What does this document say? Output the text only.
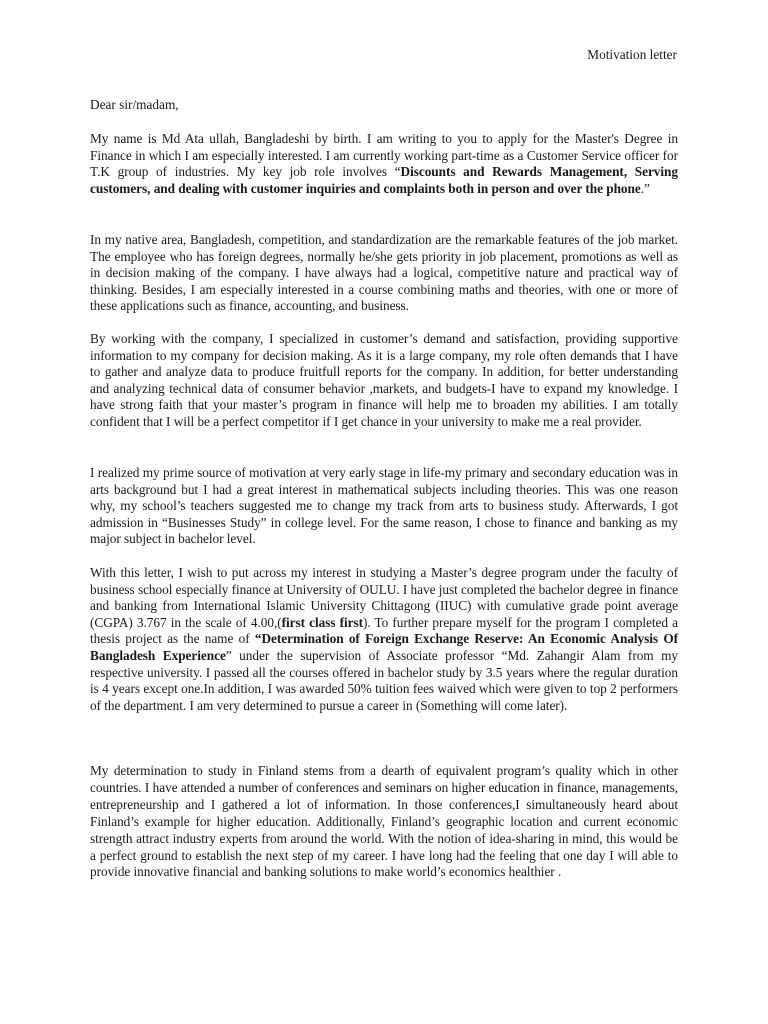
Motivation letter
Dear sir/madam,

My name is Md Ata ullah, Bangladeshi by birth. I am writing to you to apply for the Master's Degree in Finance in which I am especially interested. I am currently working part-time as a Customer Service officer for T.K group of industries. My key job role involves “Discounts and Rewards Management, Serving customers, and dealing with customer inquiries and complaints both in person and over the phone.”

In my native area, Bangladesh, competition, and standardization are the remarkable features of the job market. The employee who has foreign degrees, normally he/she gets priority in job placement, promotions as well as in decision making of the company. I have always had a logical, competitive nature and practical way of thinking. Besides, I am especially interested in a course combining maths and theories, with one or more of these applications such as finance, accounting, and business.

By working with the company, I specialized in customer’s demand and satisfaction, providing supportive information to my company for decision making. As it is a large company, my role often demands that I have to gather and analyze data to produce fruitfull reports for the company. In addition, for better understanding and analyzing technical data of consumer behavior ,markets, and budgets-I have to expand my knowledge. I have strong faith that your master’s program in finance will help me to broaden my abilities. I am totally confident that I will be a perfect competitor if I get chance in your university to make me a real provider.

I realized my prime source of motivation at very early stage in life-my primary and secondary education was in arts background but I had a great interest in mathematical subjects including theories. This was one reason why, my school’s teachers suggested me to change my track from arts to business study. Afterwards, I got admission in “Businesses Study” in college level. For the same reason, I chose to finance and banking as my major subject in bachelor level.

With this letter, I wish to put across my interest in studying a Master’s degree program under the faculty of business school especially finance at University of OULU. I have just completed the bachelor degree in finance and banking from International Islamic University Chittagong (IIUC) with cumulative grade point average (CGPA) 3.767 in the scale of 4.00,(first class first). To further prepare myself for the program I completed a thesis project as the name of “Determination of Foreign Exchange Reserve: An Economic Analysis Of Bangladesh Experience” under the supervision of Associate professor “Md. Zahangir Alam from my respective university. I passed all the courses offered in bachelor study by 3.5 years where the regular duration is 4 years except one.In addition, I was awarded 50% tuition fees waived which were given to top 2 performers of the department. I am very determined to pursue a career in (Something will come later).

My determination to study in Finland stems from a dearth of equivalent program’s quality which in other countries. I have attended a number of conferences and seminars on higher education in finance, managements, entrepreneurship and I gathered a lot of information. In those conferences,I simultaneously heard about Finland’s example for higher education. Additionally, Finland’s geographic location and current economic strength attract industry experts from around the world. With the notion of idea-sharing in mind, this would be a perfect ground to establish the next step of my career. I have long had the feeling that one day I will able to provide innovative financial and banking solutions to make world’s economics healthier .
